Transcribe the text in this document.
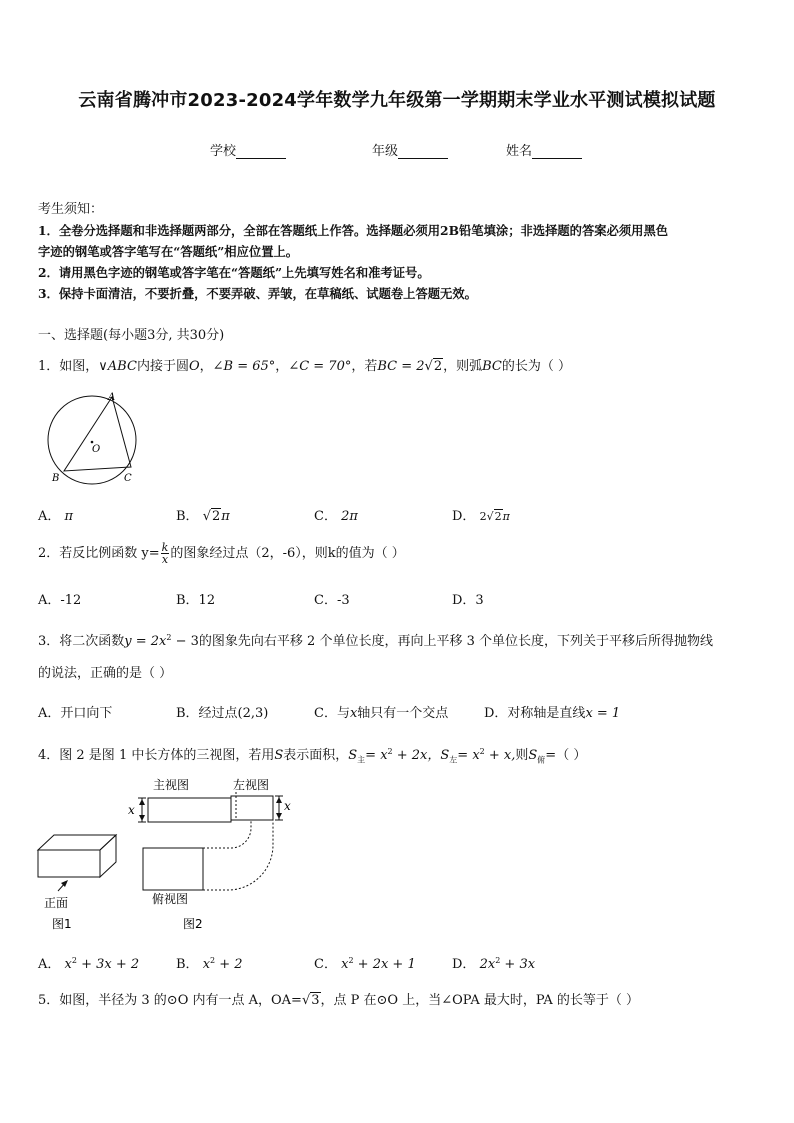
云南省腾冲市2023-2024学年数学九年级第一学期期末学业水平测试模拟试题
学校	年级	姓名
考生须知：
1．全卷分选择题和非选择题两部分，全部在答题纸上作答。选择题必须用2B铅笔填涂；非选择题的答案必须用黑色
字迹的钢笔或答字笔写在“答题纸”相应位置上。
2．请用黑色字迹的钢笔或答字笔在“答题纸”上先填写姓名和准考证号。
3．保持卡面清洁，不要折叠，不要弄破、弄皱，在草稿纸、试题卷上答题无效。
一、选择题(每小题3分, 共30分)
1．如图，∨ABC内接于圆O，∠B = 65°，∠C = 70°，若BC = 2√2，则弧BC的长为（ ）
A
B	C
O
A． π	B． √2π	C． 2π	D． 2√2π
2．若反比例函数 $y= \frac{k}{x}$ 的图象经过点（2，-6），则k的值为（ ）
A．-12	B．12	C．-3	D．3
3．将二次函数$y = 2x^2 - 3$的图象先向右平移 2 个单位长度，再向上平移 3 个单位长度，下列关于平移后所得抛物线
的说法，正确的是（ ）
A．开口向下	B．经过点(2,3)	C．与x轴只有一个交点	D．对称轴是直线x = 1
4．图 2 是图 1 中长方体的三视图，若用S表示面积，$S_主= x^2 + 2x$，$S_左= x^2 + x$,则$S_俯=$（ ）
主视图
x
左视图
x
俯视图
正面
图1	图2
A． $x^2 + 3x + 2$	B． $x^2 + 2$	C． $x^2 + 2x + 1$	D． $2x^2 + 3x$
5．如图，半径为 3 的⊙O 内有一点 A，OA=√3，点 P 在⊙O 上，当∠OPA 最大时，PA 的长等于（ ）
